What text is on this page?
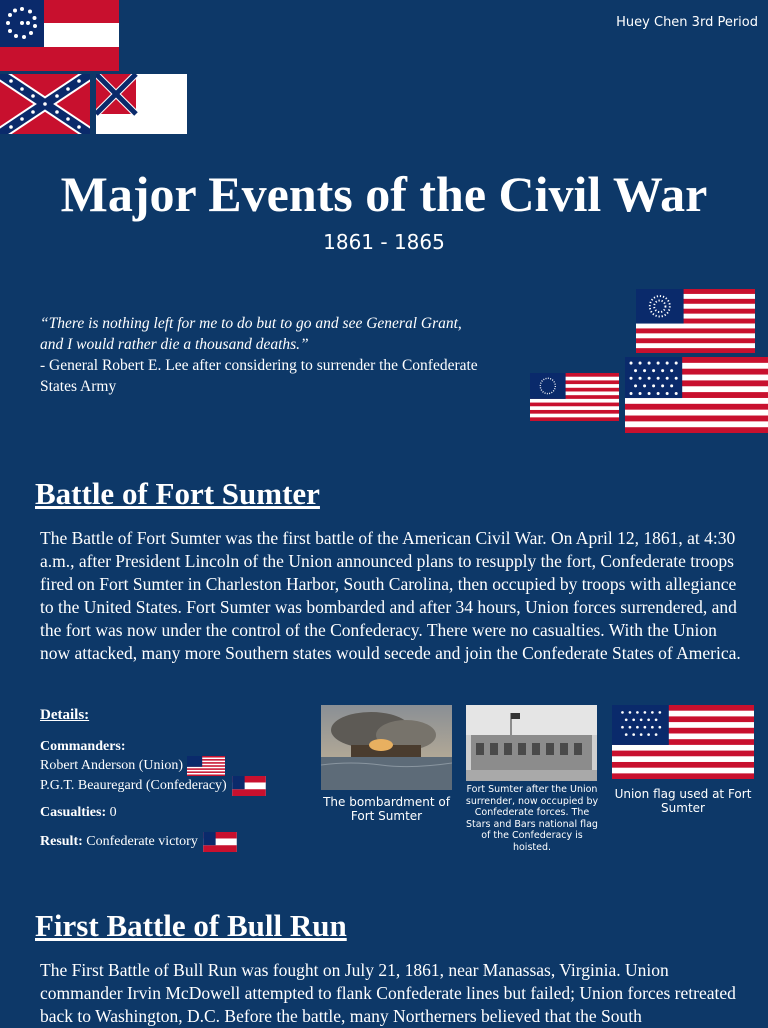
Huey Chen 3rd Period
Major Events of the Civil War
1861 - 1865
“There is nothing left for me to do but to go and see General Grant, and I would rather die a thousand deaths.”
- General Robert E. Lee after considering to surrender the Confederate States Army
Battle of Fort Sumter
The Battle of Fort Sumter was the first battle of the American Civil War. On April 12, 1861, at 4:30 a.m., after President Lincoln of the Union announced plans to resupply the fort, Confederate troops fired on Fort Sumter in Charleston Harbor, South Carolina, then occupied by troops with allegiance to the United States. Fort Sumter was bombarded and after 34 hours, Union forces surrendered, and the fort was now under the control of the Confederacy. There were no casualties. With the Union now attacked, many more Southern states would secede and join the Confederate States of America.
Details:
Commanders:
Robert Anderson (Union)
P.G.T. Beauregard (Confederacy)
Casualties: 0
Result: Confederate victory
The bombardment of Fort Sumter
Fort Sumter after the Union surrender, now occupied by Confederate forces. The Stars and Bars national flag of the Confederacy is hoisted.
Union flag used at Fort Sumter
First Battle of Bull Run
The First Battle of Bull Run was fought on July 21, 1861, near Manassas, Virginia. Union commander Irvin McDowell attempted to flank Confederate lines but failed; Union forces retreated back to Washington, D.C. Before the battle, many Northerners believed that the South
